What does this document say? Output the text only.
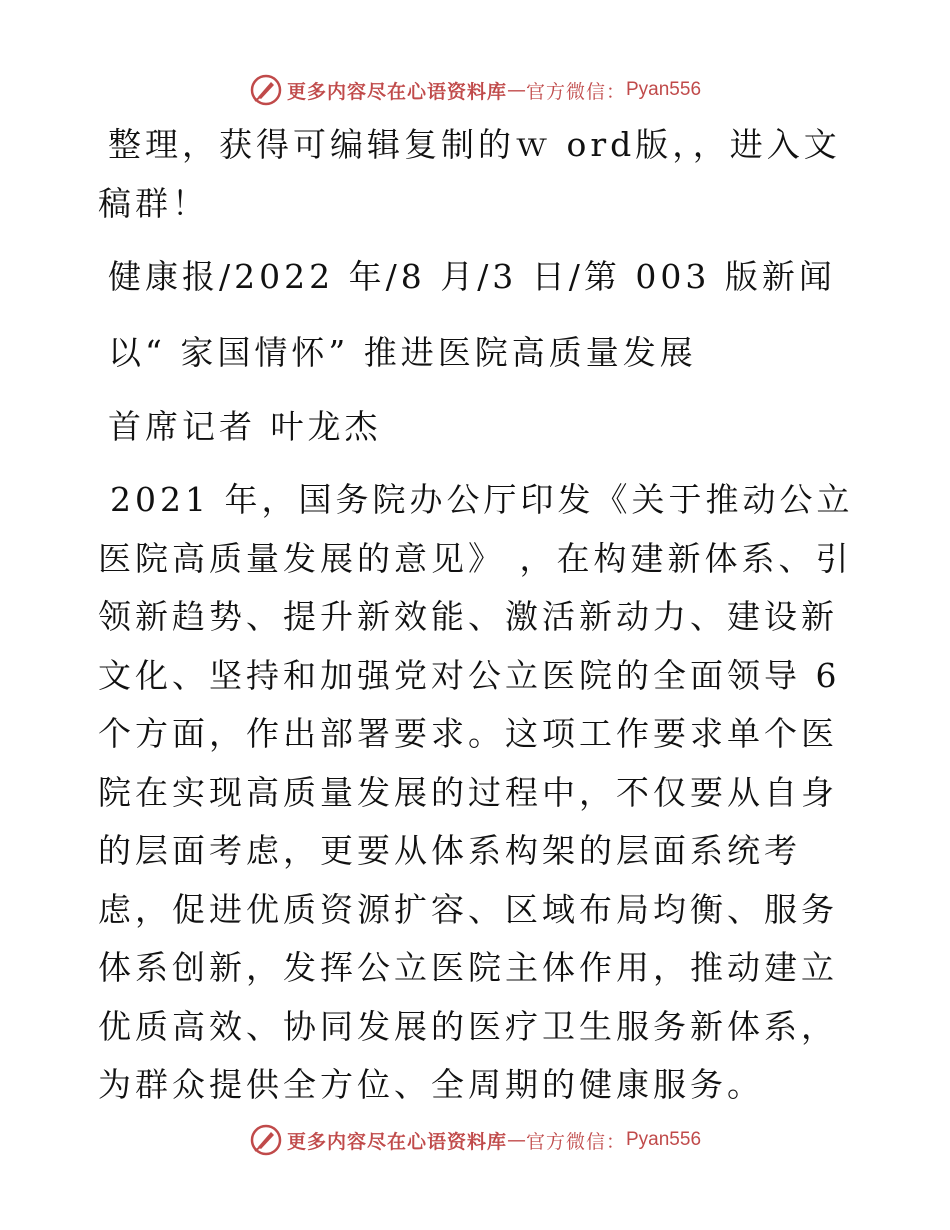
更多内容尽在心语资料库 — 官方微信： Pyan556
整理，获得可编辑复制的ｗ ord版，，进入文稿群！
健康报/2022 年/8 月/3 日/第 003 版新闻
以“ 家国情怀” 推进医院高质量发展
首席记者 叶龙杰
2021 年，国务院办公厅印发《关于推动公立医院高质量发展的意见》 ，在构建新体系、引领新趋势、提升新效能、激活新动力、建设新文化、坚持和加强党对公立医院的全面领导 6 个方面，作出部署要求。这项工作要求单个医院在实现高质量发展的过程中，不仅要从自身的层面考虑，更要从体系构架的层面系统考虑，促进优质资源扩容、区域布局均衡、服务体系创新，发挥公立医院主体作用，推动建立优质高效、协同发展的医疗卫生服务新体系，为群众提供全方位、全周期的健康服务。
更多内容尽在心语资料库 — 官方微信： Pyan556
